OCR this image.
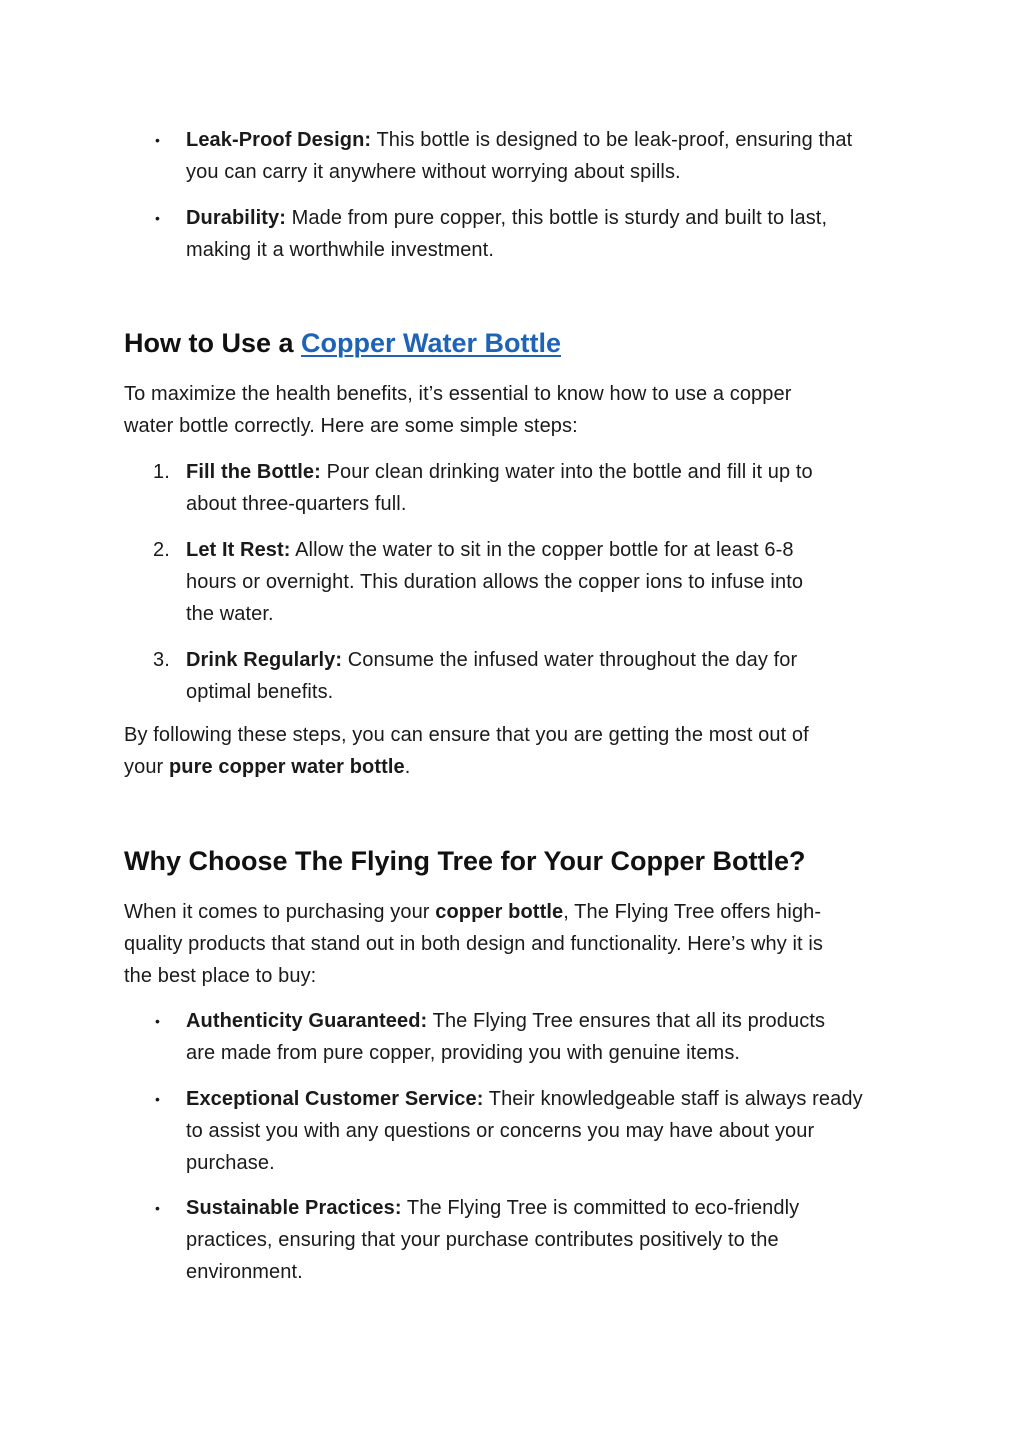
•	Leak-Proof Design: This bottle is designed to be leak-proof, ensuring that
you can carry it anywhere without worrying about spills.
•	Durability: Made from pure copper, this bottle is sturdy and built to last,
making it a worthwhile investment.
How to Use a Copper Water Bottle
To maximize the health benefits, it’s essential to know how to use a copper
water bottle correctly. Here are some simple steps:
1. Fill the Bottle: Pour clean drinking water into the bottle and fill it up to
about three-quarters full.
2. Let It Rest: Allow the water to sit in the copper bottle for at least 6-8
hours or overnight. This duration allows the copper ions to infuse into
the water.
3. Drink Regularly: Consume the infused water throughout the day for
optimal benefits.
By following these steps, you can ensure that you are getting the most out of
your pure copper water bottle.
Why Choose The Flying Tree for Your Copper Bottle?
When it comes to purchasing your copper bottle, The Flying Tree offers high-
quality products that stand out in both design and functionality. Here’s why it is
the best place to buy:
•	Authenticity Guaranteed: The Flying Tree ensures that all its products
are made from pure copper, providing you with genuine items.
•	Exceptional Customer Service: Their knowledgeable staff is always ready
to assist you with any questions or concerns you may have about your
purchase.
•	Sustainable Practices: The Flying Tree is committed to eco-friendly
practices, ensuring that your purchase contributes positively to the
environment.
